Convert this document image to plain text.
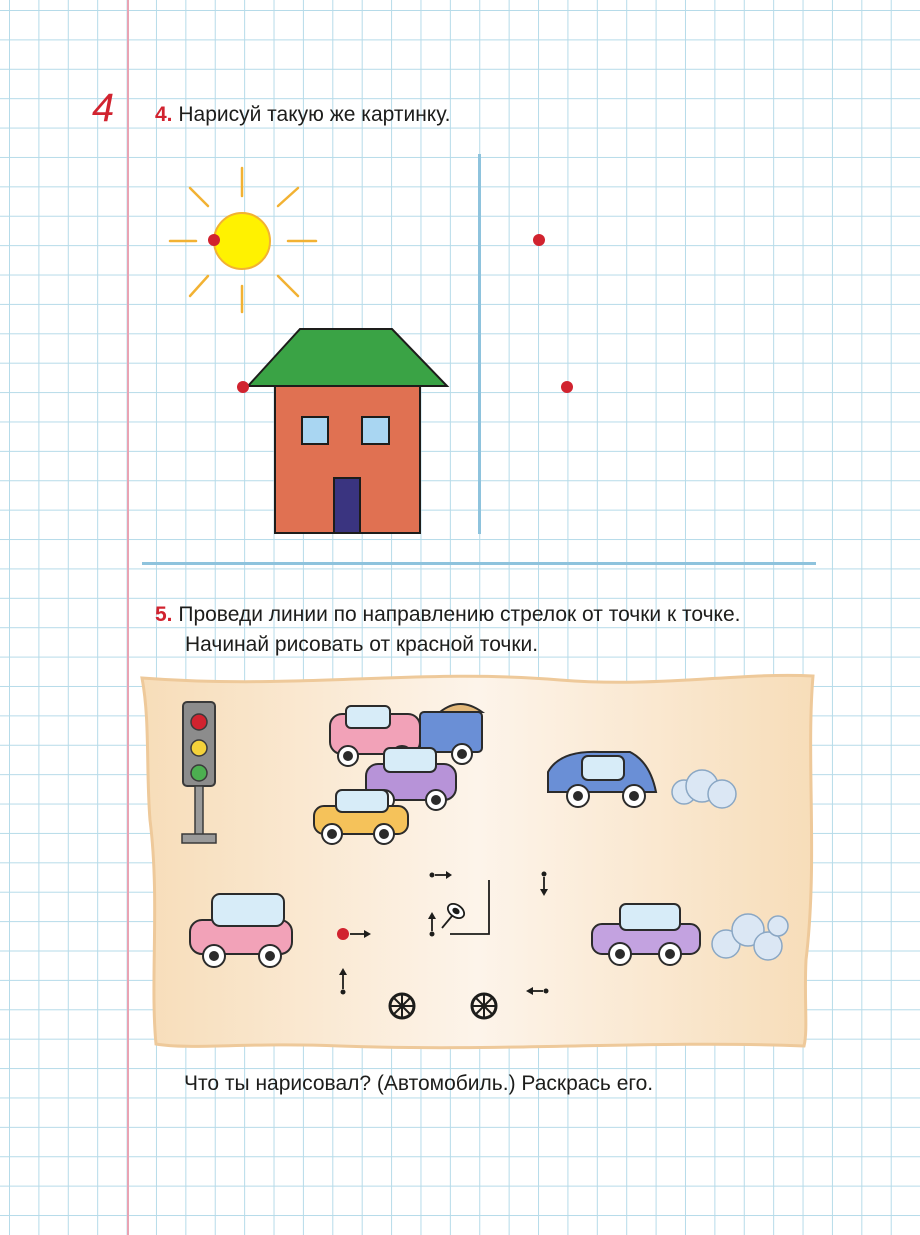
4 4. Нарисуй такую же картинку.
5. Проведи линии по направлению стрелок от точки к точке.
Начинай рисовать от красной точки.
Что ты нарисовал? (Автомобиль.) Раскрась его.
